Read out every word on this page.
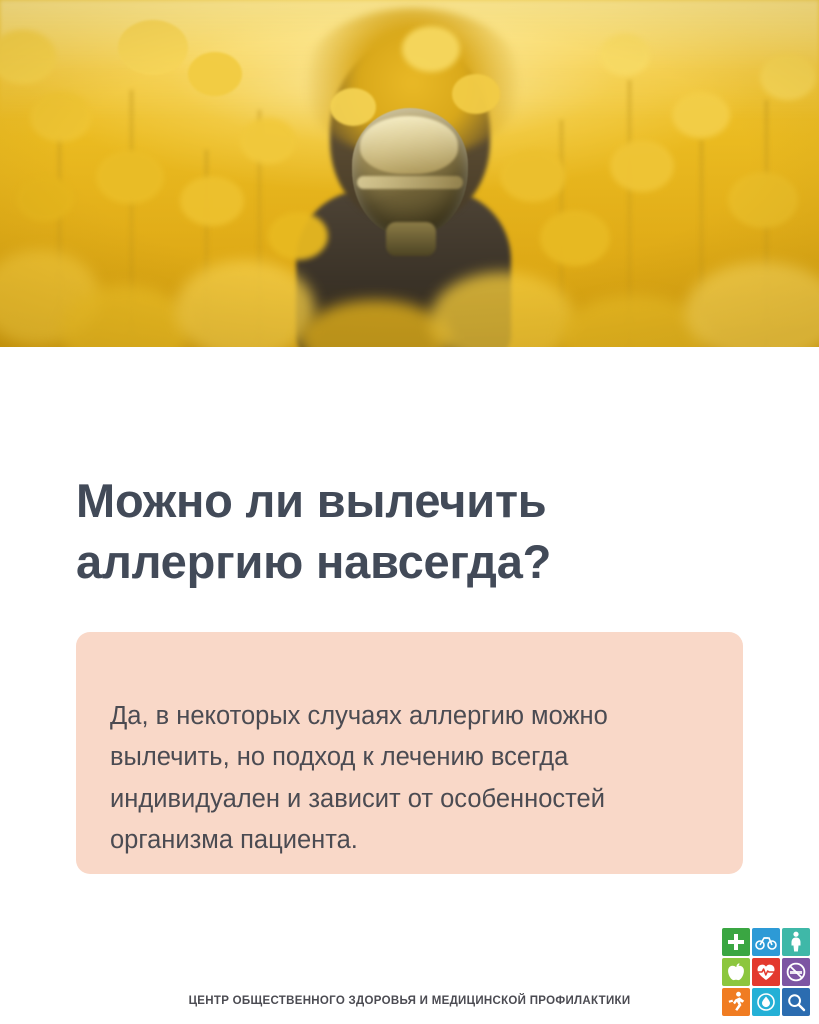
Можно ли вылечить аллергию навсегда?

Да, в некоторых случаях аллергию можно вылечить, но подход к лечению всегда индивидуален и зависит от особенностей организма пациента.

ЦЕНТР ОБЩЕСТВЕННОГО ЗДОРОВЬЯ И МЕДИЦИНСКОЙ ПРОФИЛАКТИКИ
